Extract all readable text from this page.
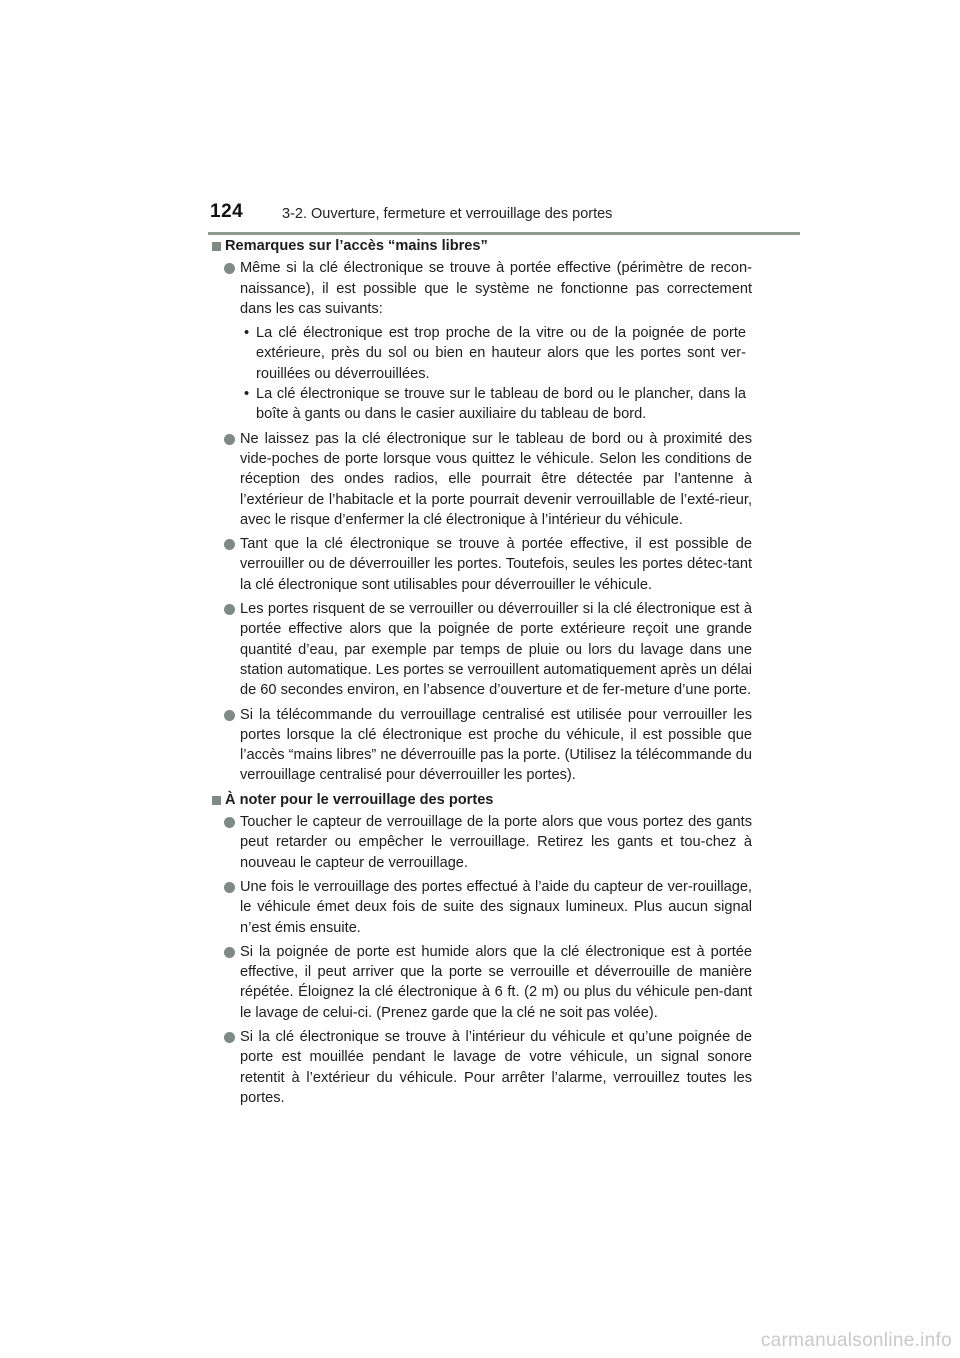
124	3-2. Ouverture, fermeture et verrouillage des portes
Remarques sur l’accès “mains libres”
Même si la clé électronique se trouve à portée effective (périmètre de recon-naissance), il est possible que le système ne fonctionne pas correctement dans les cas suivants:
• La clé électronique est trop proche de la vitre ou de la poignée de porte extérieure, près du sol ou bien en hauteur alors que les portes sont ver-rouillées ou déverrouillées.
• La clé électronique se trouve sur le tableau de bord ou le plancher, dans la boîte à gants ou dans le casier auxiliaire du tableau de bord.
Ne laissez pas la clé électronique sur le tableau de bord ou à proximité des vide-poches de porte lorsque vous quittez le véhicule. Selon les conditions de réception des ondes radios, elle pourrait être détectée par l’antenne à l’extérieur de l’habitacle et la porte pourrait devenir verrouillable de l’exté-rieur, avec le risque d’enfermer la clé électronique à l’intérieur du véhicule.
Tant que la clé électronique se trouve à portée effective, il est possible de verrouiller ou de déverrouiller les portes. Toutefois, seules les portes détec-tant la clé électronique sont utilisables pour déverrouiller le véhicule.
Les portes risquent de se verrouiller ou déverrouiller si la clé électronique est à portée effective alors que la poignée de porte extérieure reçoit une grande quantité d’eau, par exemple par temps de pluie ou lors du lavage dans une station automatique. Les portes se verrouillent automatiquement après un délai de 60 secondes environ, en l’absence d’ouverture et de fer-meture d’une porte.
Si la télécommande du verrouillage centralisé est utilisée pour verrouiller les portes lorsque la clé électronique est proche du véhicule, il est possible que l’accès “mains libres” ne déverrouille pas la porte. (Utilisez la télécommande du verrouillage centralisé pour déverrouiller les portes).
À noter pour le verrouillage des portes
Toucher le capteur de verrouillage de la porte alors que vous portez des gants peut retarder ou empêcher le verrouillage. Retirez les gants et tou-chez à nouveau le capteur de verrouillage.
Une fois le verrouillage des portes effectué à l’aide du capteur de ver-rouillage, le véhicule émet deux fois de suite des signaux lumineux. Plus aucun signal n’est émis ensuite.
Si la poignée de porte est humide alors que la clé électronique est à portée effective, il peut arriver que la porte se verrouille et déverrouille de manière répétée. Éloignez la clé électronique à 6 ft. (2 m) ou plus du véhicule pen-dant le lavage de celui-ci. (Prenez garde que la clé ne soit pas volée).
Si la clé électronique se trouve à l’intérieur du véhicule et qu’une poignée de porte est mouillée pendant le lavage de votre véhicule, un signal sonore retentit à l’extérieur du véhicule. Pour arrêter l’alarme, verrouillez toutes les portes.
carmanualsonline.info
